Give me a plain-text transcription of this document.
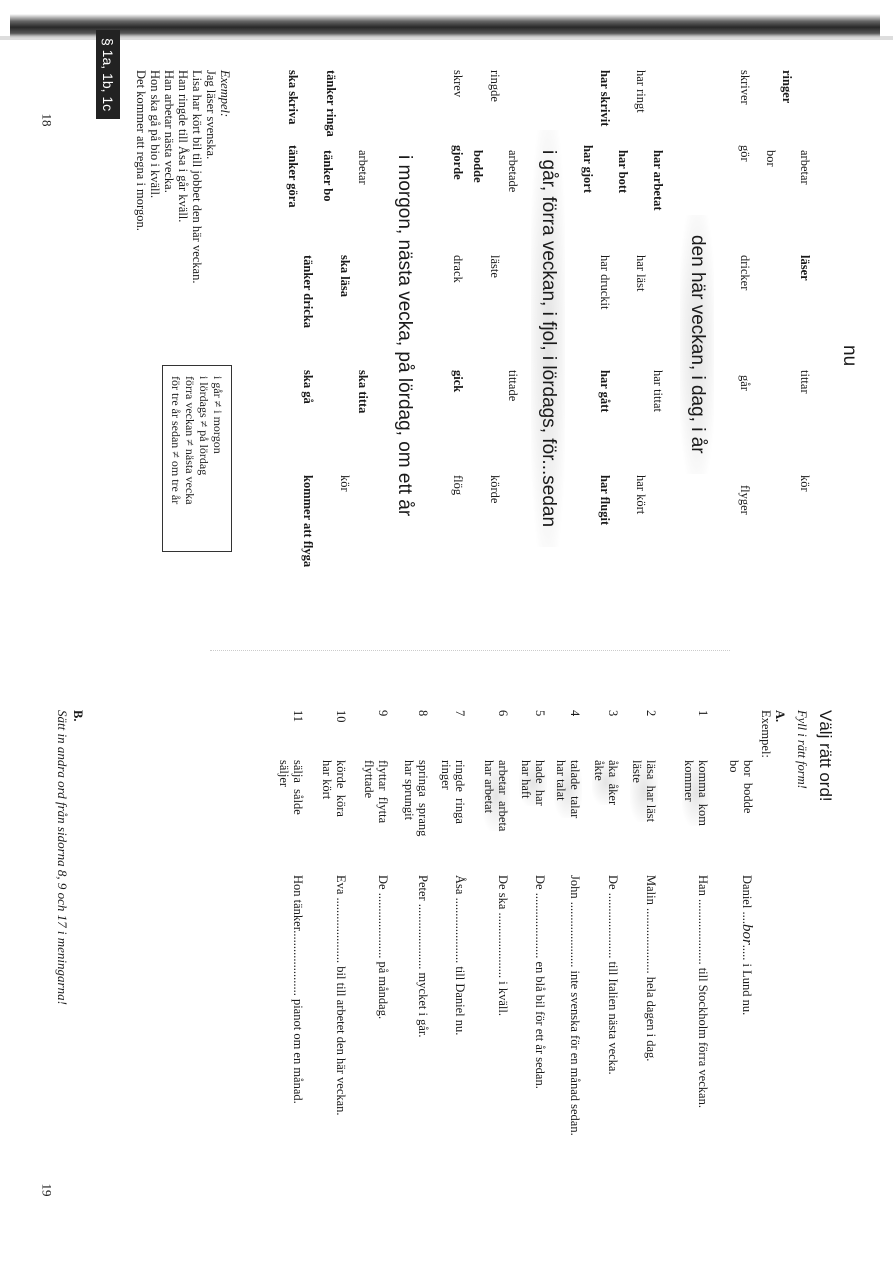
18
19
nu
arbetar
läser
tittar
kör
ringer
bor
skriver
dricker
går
flyger
gör
den här veckan, i dag, i år
har arbetat
har ringt
har läst
har tittat
har kört
har bott
har skrivit
har druckit
har gått
har flugit
har gjort
i går, förra veckan, i fjol, i lördags, för...sedan
arbetade
ringde
läste
tittade
körde
bodde
skrev
drack
gick
flög
gjorde
i morgon, nästa vecka, på lördag, om ett år
arbetar
ska läsa
ska titta
kör
tänker ringa
tänker bo
tänker dricka
ska gå
kommer att flyga
ska skriva
tänker göra
i går ≠ i morgon
i lördags ≠ på lördag
förra veckan ≠ nästa vecka
för tre år sedan ≠ om tre år
Exempel:
Jag läser svenska.
Lisa har kört bil till jobbet den här veckan.
Han ringde till Åsa i går kväll.
Han arbetar nästa vecka.
Hon ska gå på bio i kväll.
Det kommer att regna i morgon.
§ 1a, 1b, 1c
Välj rätt ord!
Fyll i rätt form!
A.
Exempel:
bor  bodde
bo
Daniel ....bor..... i Lund nu.
1
komma  kom
kommer
Han ..................... till Stockholm förra veckan.
2
läsa  har läst
läste
Malin ..................... hela dagen i dag.
3
åka  åker
åkte
De ..................... till Italien nästa vecka.
4
talade  talar
har talat
John ..................... inte svenska för en månad sedan.
5
hade  har
har haft
De ..................... en blå bil för ett år sedan.
6
arbetar  arbeta
har arbetat
De ska ..................... i kväll.
7
ringde  ringa
ringer
Åsa ..................... till Daniel nu.
8
springa  sprang
har sprungit
Peter ..................... mycket i går.
9
flyttar  flytta
flyttade
De ..................... på måndag.
10
körde  köra
har kört
Eva ..................... bil till arbetet den här veckan.
11
sälja  sålde
säljer
Hon tänker..................... pianot om en månad.
B.
Sätt in andra ord från sidorna 8, 9 och 17 i meningarna!
